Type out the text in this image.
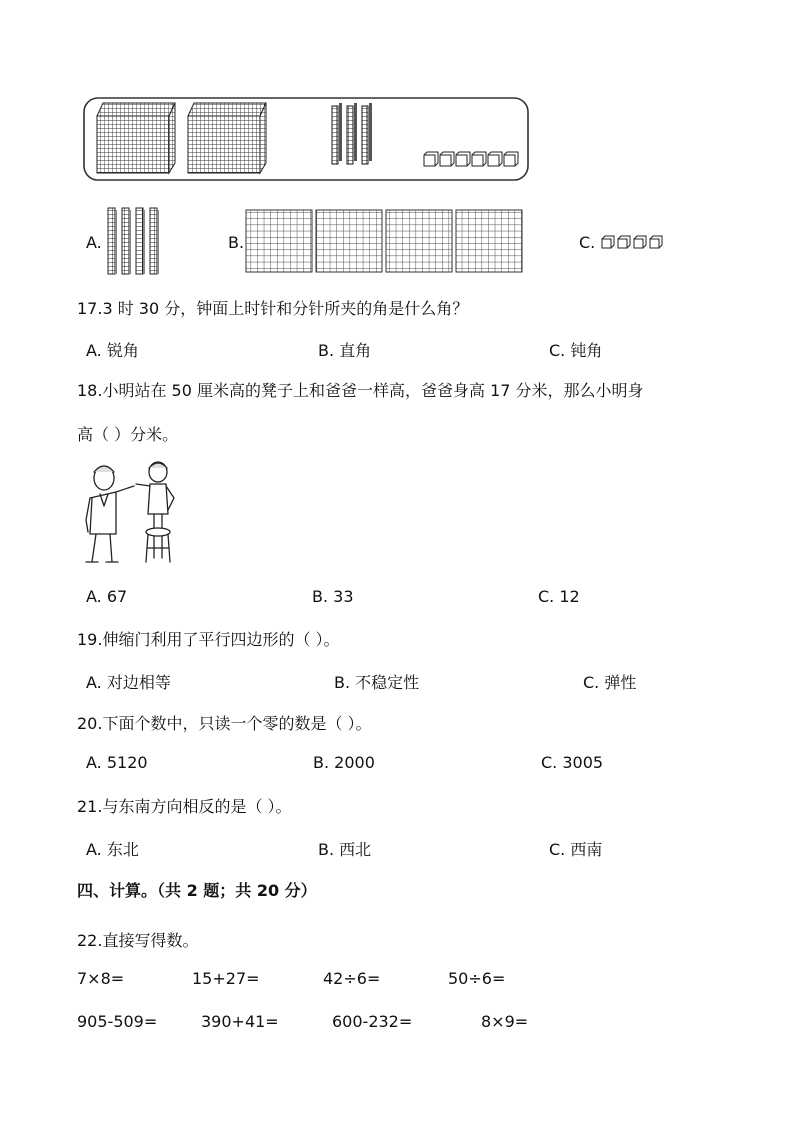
A.	B.	C.
17.3 时 30 分，钟面上时针和分针所夹的角是什么角？
A. 锐角	B. 直角	C. 钝角
18.小明站在 50 厘米高的凳子上和爸爸一样高，爸爸身高 17 分米，那么小明身
高（ ）分米。
A. 67	B. 33	C. 12
19.伸缩门利用了平行四边形的（ ）。
A. 对边相等	B. 不稳定性	C. 弹性
20.下面个数中，只读一个零的数是（ ）。
A. 5120	B. 2000	C. 3005
21.与东南方向相反的是（ ）。
A. 东北	B. 西北	C. 西南
四、计算。（共 2 题；共 20 分）
22.直接写得数。
7×8=	15+27=	42÷6=	50÷6=
905-509=	390+41=	600-232=	8×9=
